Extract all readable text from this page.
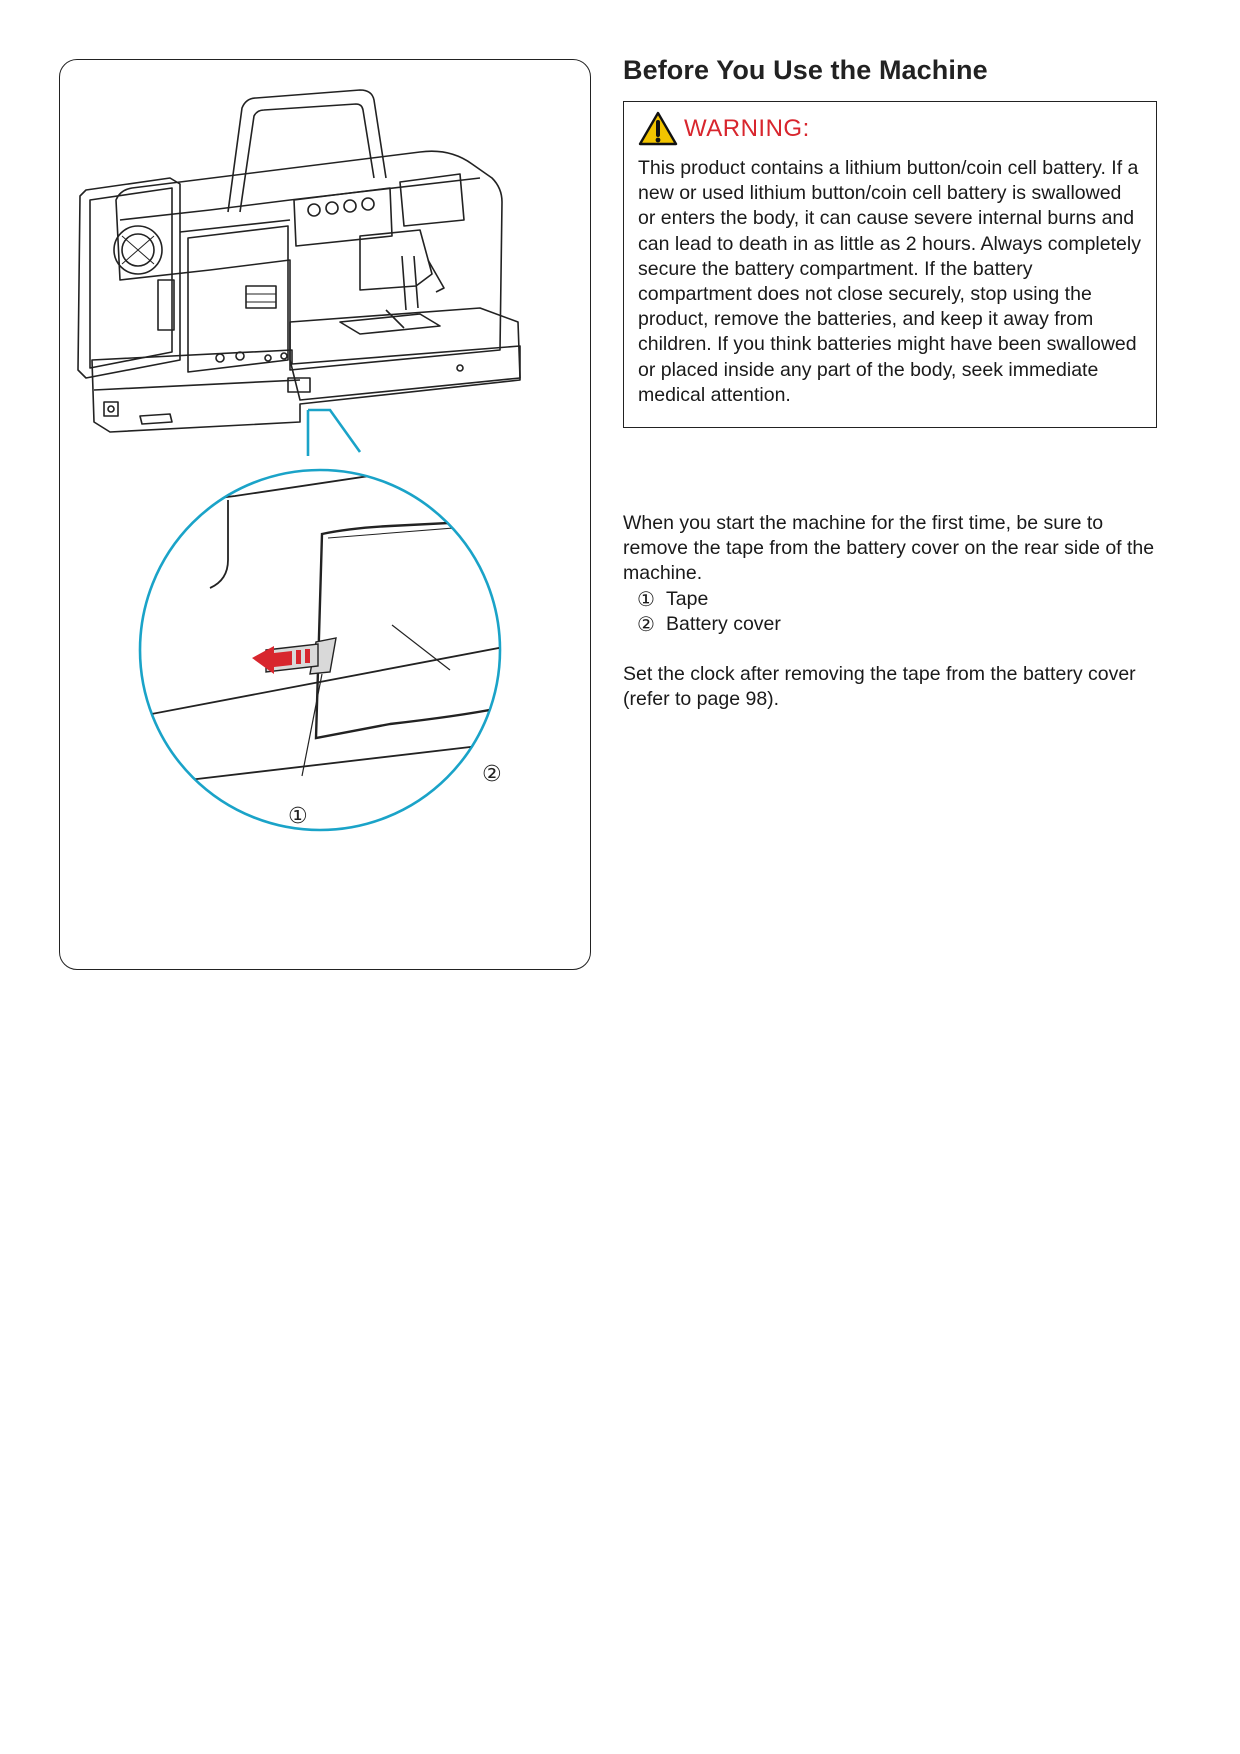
①
②
Before You Use the Machine
WARNING:

This product contains a lithium button/coin cell battery. If a new or used lithium button/coin cell battery is swallowed or enters the body, it can cause severe internal burns and can lead to death in as little as 2 hours. Always completely secure the battery compartment. If the battery compartment does not close securely, stop using the product, remove the batteries, and keep it away from children. If you think batteries might have been swallowed or placed inside any part of the body, seek immediate medical attention.

When you start the machine for the first time, be sure to remove the tape from the battery cover on the rear side of the machine.

① Tape
② Battery cover

Set the clock after removing the tape from the battery cover (refer to page 98).
